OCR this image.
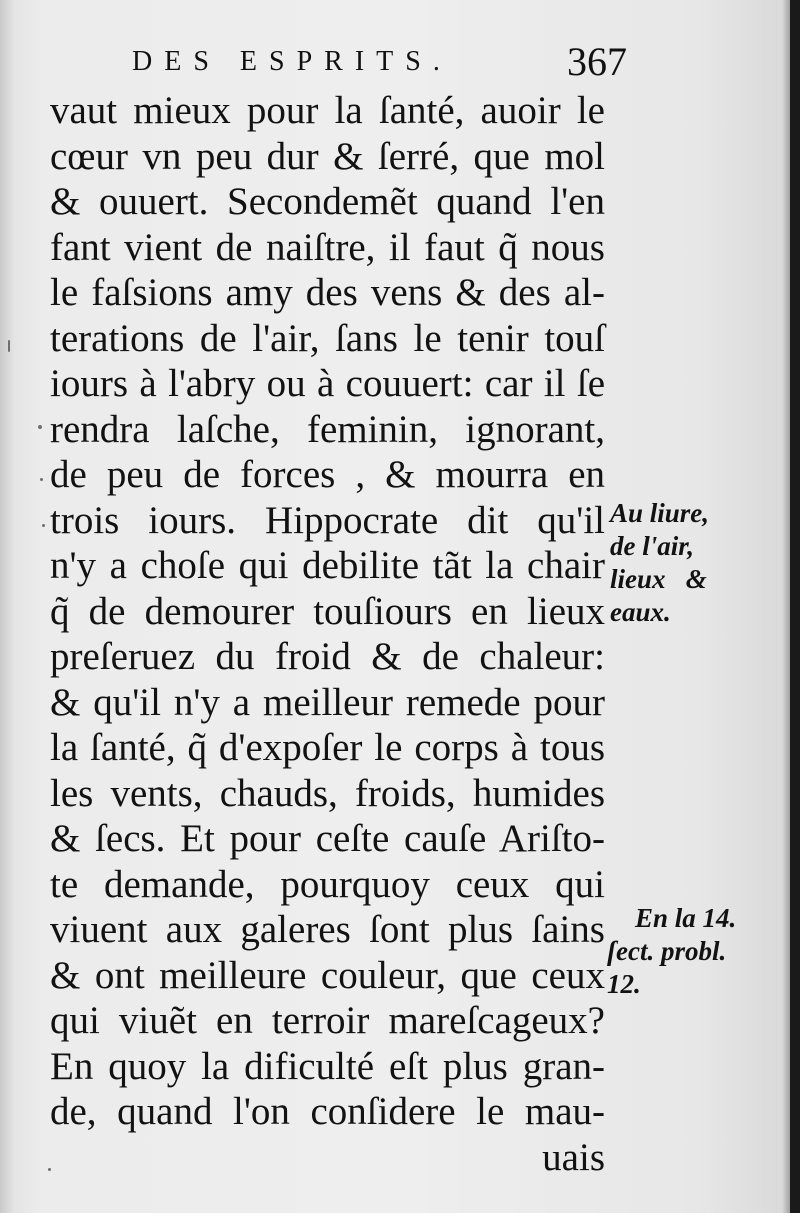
DES ESPRITS.	367
vaut mieux pour la ſanté, auoir le
cœur vn peu dur & ſerré, que mol
& ouuert. Secondemẽt quand l'en
fant vient de naiſtre, il faut q̃ nous
le faſsions amy des vens & des al-
terations de l'air, ſans le tenir touſ
iours à l'abry ou à couuert: car il ſe
rendra laſche, feminin, ignorant,
de peu de forces , & mourra en
trois iours. Hippocrate dit qu'il
n'y a choſe qui debilite tãt la chair
q̃ de demourer touſiours en lieux
preſeruez du froid & de chaleur:
& qu'il n'y a meilleur remede pour
la ſanté, q̃ d'expoſer le corps à tous
les vents, chauds, froids, humides
& ſecs. Et pour ceſte cauſe Ariſto-
te demande, pourquoy ceux qui
viuent aux galeres ſont plus ſains
& ont meilleure couleur, que ceux
qui viuẽt en terroir mareſcageux?
En quoy la dificulté eſt plus gran-
de, quand l'on conſidere le mau-
uais
Au liure,
de l'air,
lieux   &
eaux.
En la 14.
ſect. probl.
12.
